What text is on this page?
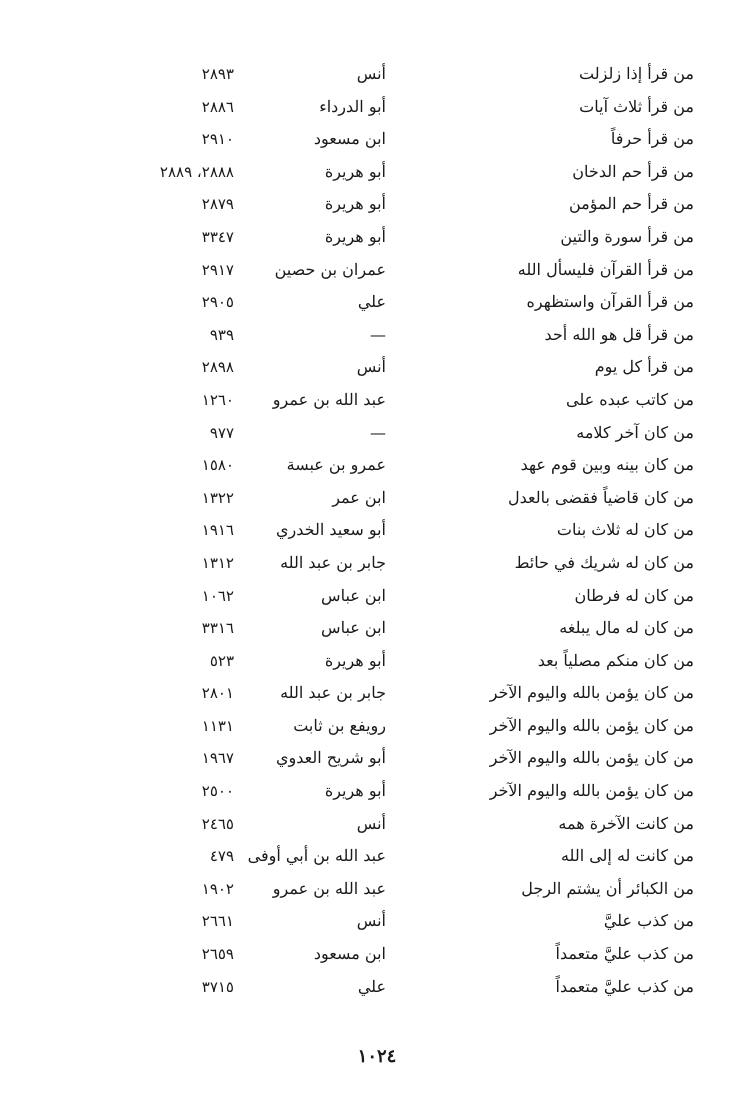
من قرأ إذا زلزلت
أنس
٢٨٩٣
من قرأ ثلاث آيات
أبو الدرداء
٢٨٨٦
من قرأ حرفاً
ابن مسعود
٢٩١٠
من قرأ حم الدخان
أبو هريرة
٢٨٨٨، ٢٨٨٩
من قرأ حم المؤمن
أبو هريرة
٢٨٧٩
من قرأ سورة والتين
أبو هريرة
٣٣٤٧
من قرأ القرآن فليسأل الله
عمران بن حصين
٢٩١٧
من قرأ القرآن واستظهره
علي
٢٩٠٥
من قرأ قل هو الله أحد
—
٩٣٩
من قرأ كل يوم
أنس
٢٨٩٨
من كاتب عبده على
عبد الله بن عمرو
١٢٦٠
من كان آخر كلامه
—
٩٧٧
من كان بينه وبين قوم عهد
عمرو بن عبسة
١٥٨٠
من كان قاضياً فقضى بالعدل
ابن عمر
١٣٢٢
من كان له ثلاث بنات
أبو سعيد الخدري
١٩١٦
من كان له شريك في حائط
جابر بن عبد الله
١٣١٢
من كان له فرطان
ابن عباس
١٠٦٢
من كان له مال يبلغه
ابن عباس
٣٣١٦
من كان منكم مصلياً بعد
أبو هريرة
٥٢٣
من كان يؤمن بالله واليوم الآخر
جابر بن عبد الله
٢٨٠١
من كان يؤمن بالله واليوم الآخر
رويفع بن ثابت
١١٣١
من كان يؤمن بالله واليوم الآخر
أبو شريح العدوي
١٩٦٧
من كان يؤمن بالله واليوم الآخر
أبو هريرة
٢٥٠٠
من كانت الآخرة همه
أنس
٢٤٦٥
من كانت له إلى الله
عبد الله بن أبي أوفى
٤٧٩
من الكبائر أن يشتم الرجل
عبد الله بن عمرو
١٩٠٢
من كذب عليَّ
أنس
٢٦٦١
من كذب عليَّ متعمداً
ابن مسعود
٢٦٥٩
من كذب عليَّ متعمداً
علي
٣٧١٥
١٠٢٤
